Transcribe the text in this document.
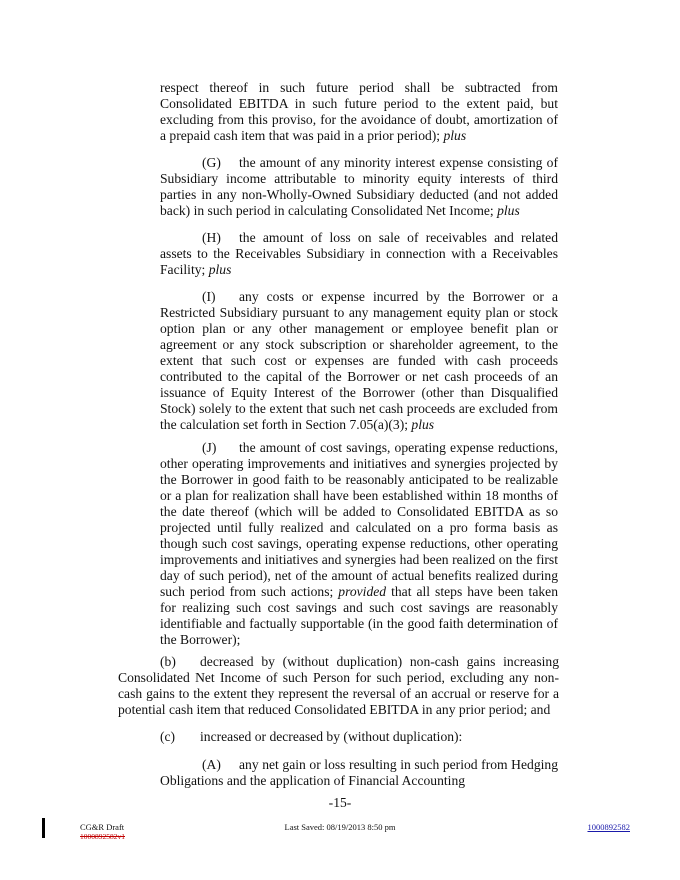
respect thereof in such future period shall be subtracted from Consolidated EBITDA in such future period to the extent paid, but excluding from this proviso, for the avoidance of doubt, amortization of a prepaid cash item that was paid in a prior period); plus
(G) the amount of any minority interest expense consisting of Subsidiary income attributable to minority equity interests of third parties in any non-Wholly-Owned Subsidiary deducted (and not added back) in such period in calculating Consolidated Net Income; plus
(H) the amount of loss on sale of receivables and related assets to the Receivables Subsidiary in connection with a Receivables Facility; plus
(I) any costs or expense incurred by the Borrower or a Restricted Subsidiary pursuant to any management equity plan or stock option plan or any other management or employee benefit plan or agreement or any stock subscription or shareholder agreement, to the extent that such cost or expenses are funded with cash proceeds contributed to the capital of the Borrower or net cash proceeds of an issuance of Equity Interest of the Borrower (other than Disqualified Stock) solely to the extent that such net cash proceeds are excluded from the calculation set forth in Section 7.05(a)(3); plus
(J) the amount of cost savings, operating expense reductions, other operating improvements and initiatives and synergies projected by the Borrower in good faith to be reasonably anticipated to be realizable or a plan for realization shall have been established within 18 months of the date thereof (which will be added to Consolidated EBITDA as so projected until fully realized and calculated on a pro forma basis as though such cost savings, operating expense reductions, other operating improvements and initiatives and synergies had been realized on the first day of such period), net of the amount of actual benefits realized during such period from such actions; provided that all steps have been taken for realizing such cost savings and such cost savings are reasonably identifiable and factually supportable (in the good faith determination of the Borrower);
(b) decreased by (without duplication) non-cash gains increasing Consolidated Net Income of such Person for such period, excluding any non-cash gains to the extent they represent the reversal of an accrual or reserve for a potential cash item that reduced Consolidated EBITDA in any prior period; and
(c) increased or decreased by (without duplication):
(A) any net gain or loss resulting in such period from Hedging Obligations and the application of Financial Accounting
-15-
CG&R Draft
1000892582v1
Last Saved: 08/19/2013 8:50 pm	1000892582
